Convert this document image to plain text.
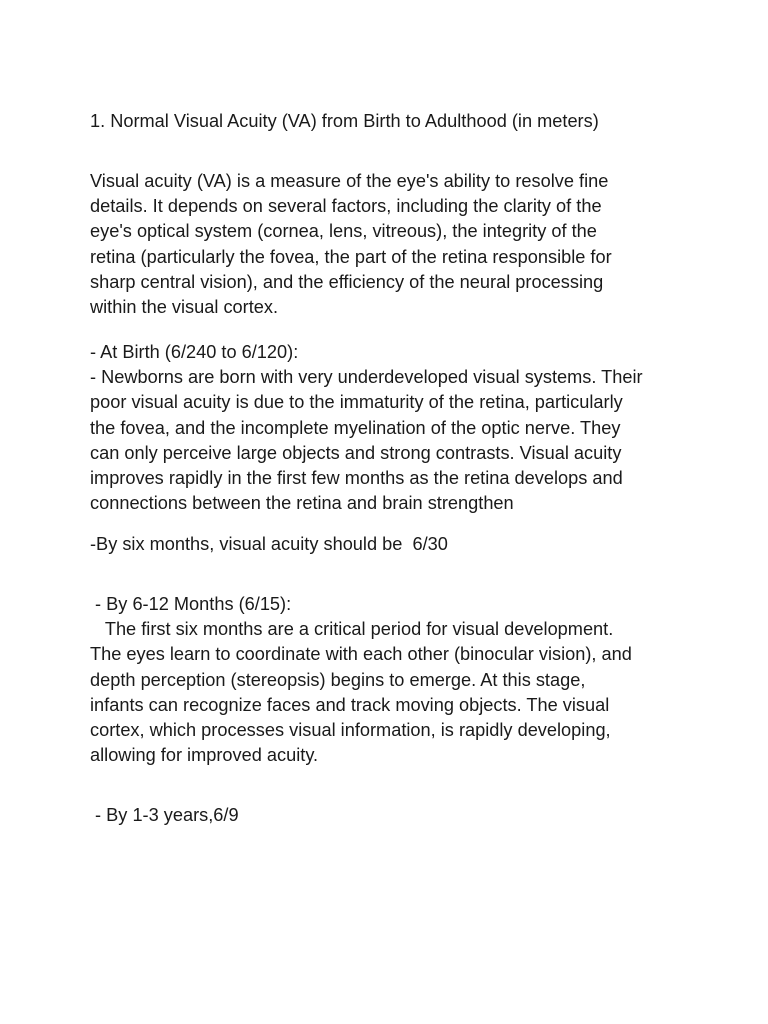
1. Normal Visual Acuity (VA) from Birth to Adulthood (in meters)

Visual acuity (VA) is a measure of the eye's ability to resolve fine
details. It depends on several factors, including the clarity of the
eye's optical system (cornea, lens, vitreous), the integrity of the
retina (particularly the fovea, the part of the retina responsible for
sharp central vision), and the efficiency of the neural processing
within the visual cortex.

- At Birth (6/240 to 6/120):
- Newborns are born with very underdeveloped visual systems. Their
poor visual acuity is due to the immaturity of the retina, particularly
the fovea, and the incomplete myelination of the optic nerve. They
can only perceive large objects and strong contrasts. Visual acuity
improves rapidly in the first few months as the retina develops and
connections between the retina and brain strengthen

-By six months, visual acuity should be  6/30

- By 6-12 Months (6/15):
The first six months are a critical period for visual development.
The eyes learn to coordinate with each other (binocular vision), and
depth perception (stereopsis) begins to emerge. At this stage,
infants can recognize faces and track moving objects. The visual
cortex, which processes visual information, is rapidly developing,
allowing for improved acuity.

- By 1-3 years,6/9
